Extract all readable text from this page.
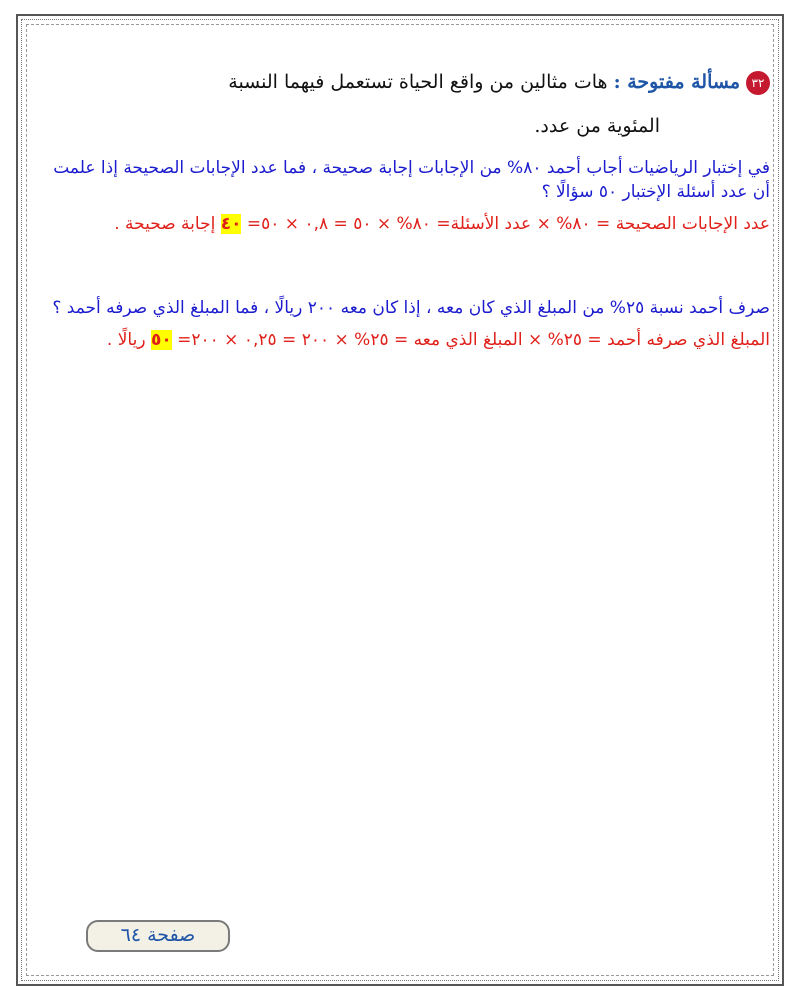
٣٢مسألة مفتوحة : هات مثالين من واقع الحياة تستعمل فيهما النسبة
المئوية من عدد.

في إختبار الرياضيات أجاب أحمد ٨٠% من الإجابات إجابة صحيحة ، فما عدد الإجابات الصحيحة إذا علمت أن عدد أسئلة الإختبار ٥٠ سؤالًا ؟

عدد الإجابات الصحيحة = ٨٠% × عدد الأسئلة= ٨٠% × ٥٠ = ٠,٨ × ٥٠= ٤٠ إجابة صحيحة .

صرف أحمد نسبة ٢٥% من المبلغ الذي كان معه ، إذا كان معه ٢٠٠ ريالًا ، فما المبلغ الذي صرفه أحمد ؟

المبلغ الذي صرفه أحمد = ٢٥% × المبلغ الذي معه = ٢٥% × ٢٠٠ = ٠,٢٥ × ٢٠٠= ٥٠ ريالًا .

صفحة ٦٤
